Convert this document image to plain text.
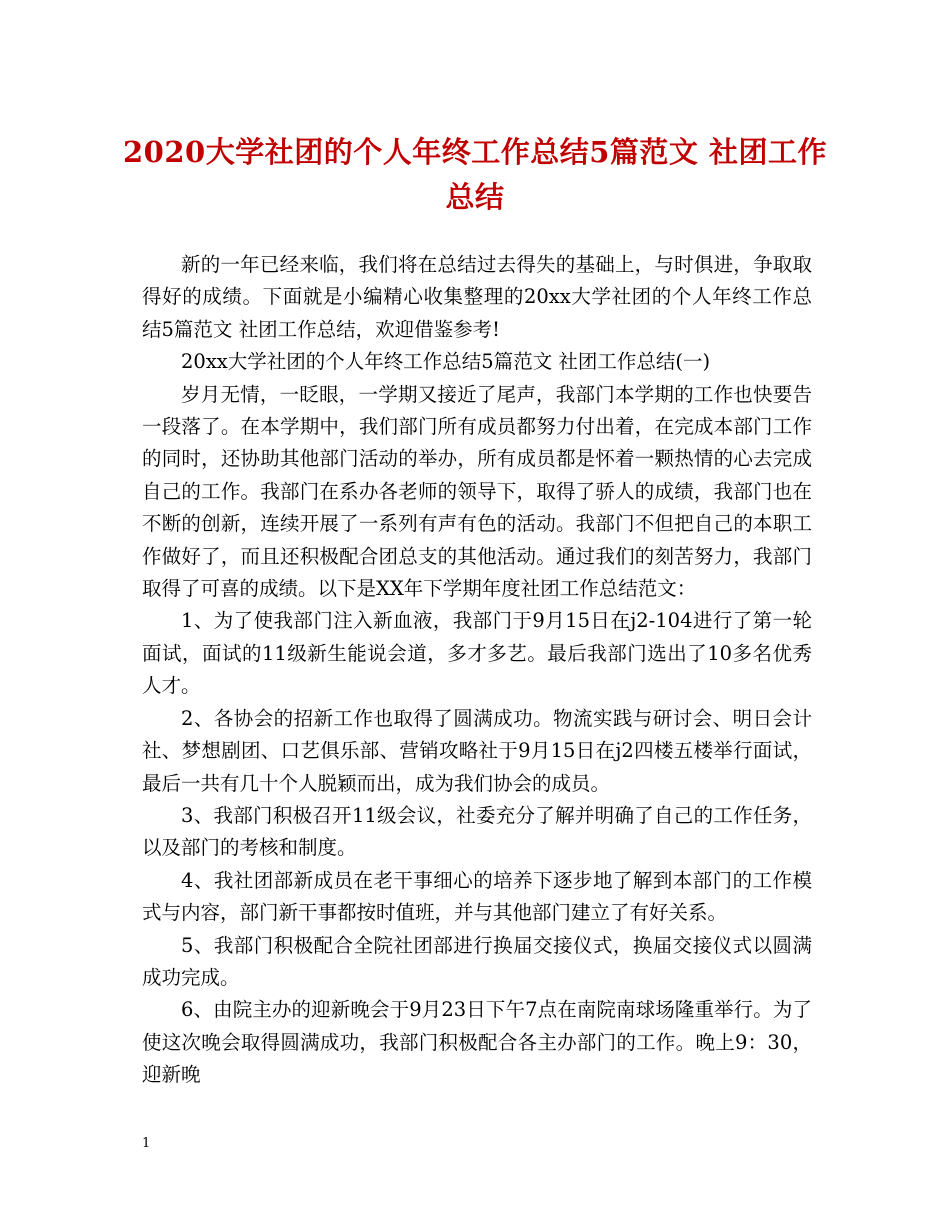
2020大学社团的个人年终工作总结5篇范文 社团工作总结

新的一年已经来临，我们将在总结过去得失的基础上，与时俱进，争取取得好的成绩。下面就是小编精心收集整理的20xx大学社团的个人年终工作总结5篇范文 社团工作总结，欢迎借鉴参考!

20xx大学社团的个人年终工作总结5篇范文 社团工作总结(一)

岁月无情，一眨眼，一学期又接近了尾声，我部门本学期的工作也快要告一段落了。在本学期中，我们部门所有成员都努力付出着，在完成本部门工作的同时，还协助其他部门活动的举办，所有成员都是怀着一颗热情的心去完成自己的工作。我部门在系办各老师的领导下，取得了骄人的成绩，我部门也在不断的创新，连续开展了一系列有声有色的活动。我部门不但把自己的本职工作做好了，而且还积极配合团总支的其他活动。通过我们的刻苦努力，我部门取得了可喜的成绩。以下是XX年下学期年度社团工作总结范文：

1、为了使我部门注入新血液，我部门于9月15日在j2-104进行了第一轮面试，面试的11级新生能说会道，多才多艺。最后我部门选出了10多名优秀人才。

2、各协会的招新工作也取得了圆满成功。物流实践与研讨会、明日会计社、梦想剧团、口艺俱乐部、营销攻略社于9月15日在j2四楼五楼举行面试，最后一共有几十个人脱颖而出，成为我们协会的成员。

3、我部门积极召开11级会议，社委充分了解并明确了自己的工作任务，以及部门的考核和制度。

4、我社团部新成员在老干事细心的培养下逐步地了解到本部门的工作模式与内容，部门新干事都按时值班，并与其他部门建立了有好关系。

5、我部门积极配合全院社团部进行换届交接仪式，换届交接仪式以圆满成功完成。

6、由院主办的迎新晚会于9月23日下午7点在南院南球场隆重举行。为了使这次晚会取得圆满成功，我部门积极配合各主办部门的工作。晚上9：30，迎新晚

1
